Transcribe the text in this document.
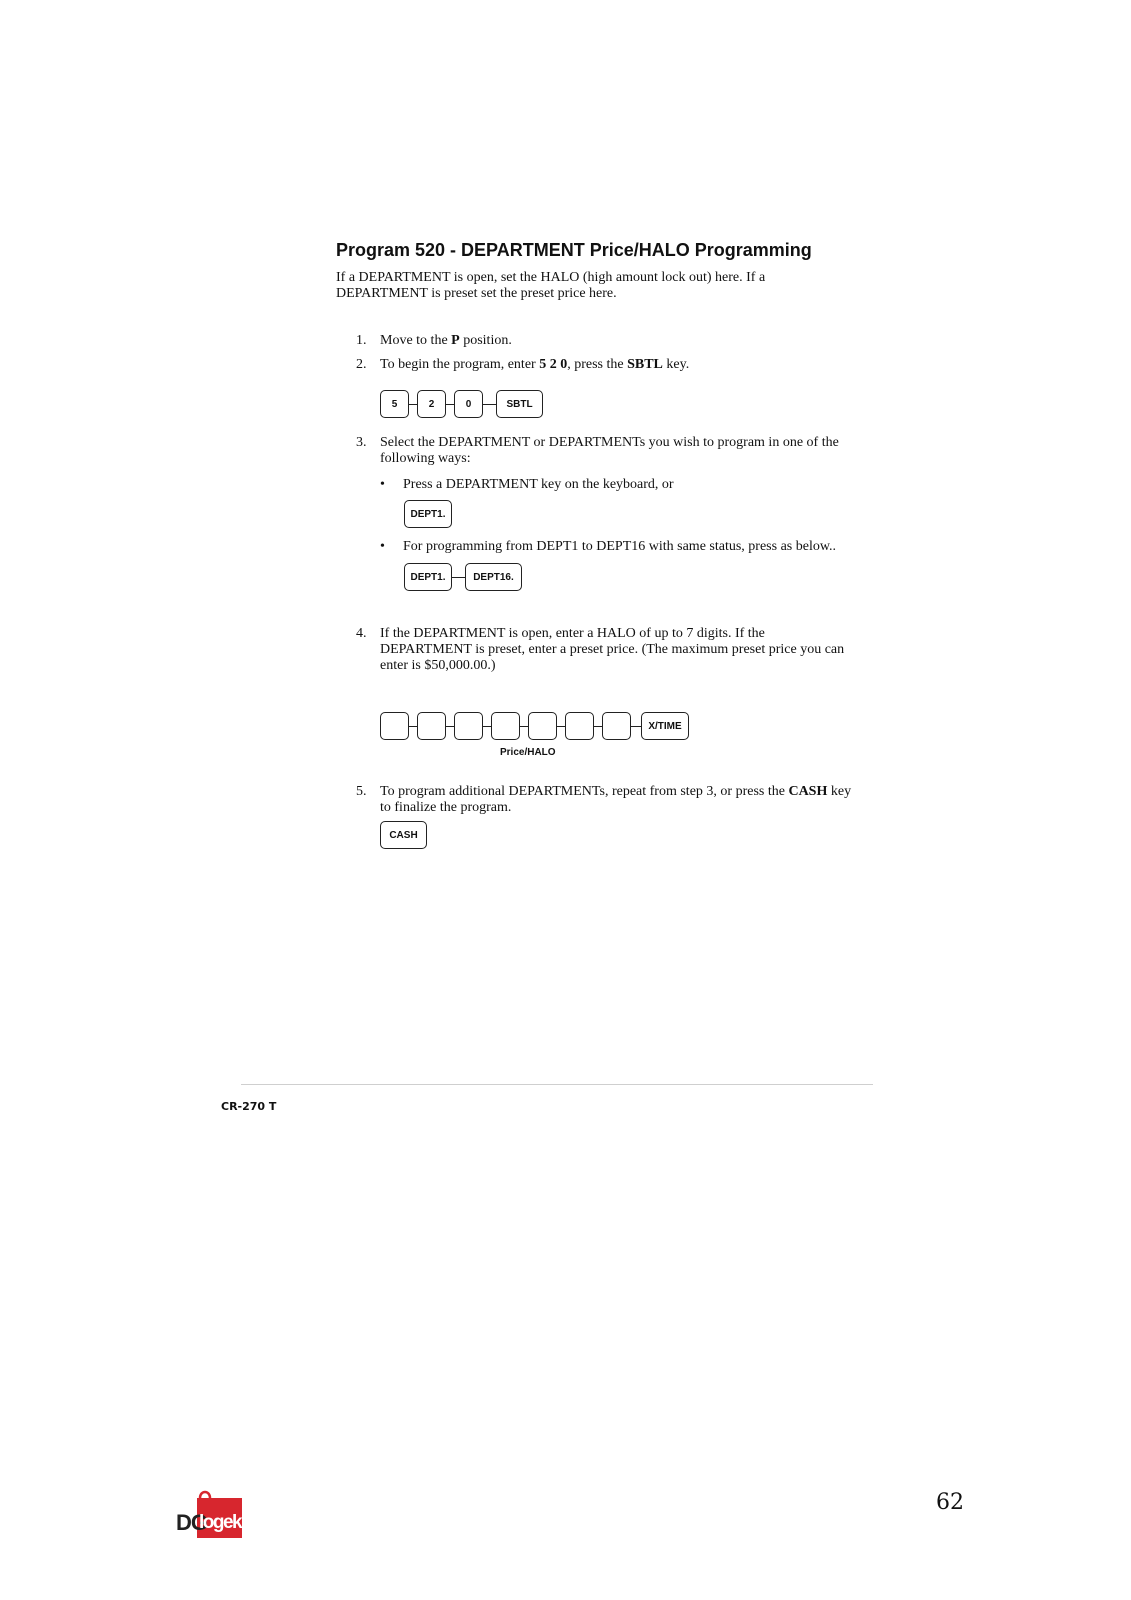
Program 520 - DEPARTMENT Price/HALO Programming
If a DEPARTMENT is open, set the HALO (high amount lock out) here. If a DEPARTMENT is preset set the preset price here.
1. Move to the P position.
2. To begin the program, enter 5 2 0, press the SBTL key.
5	2	0	SBTL
3. Select the DEPARTMENT or DEPARTMENTs you wish to program in one of the following ways:
• Press a DEPARTMENT key on the keyboard, or
DEPT1.
• For programming from DEPT1 to DEPT16 with same status, press as below..
DEPT1.	DEPT16.
4. If the DEPARTMENT is open, enter a HALO of up to 7 digits. If the DEPARTMENT is preset, enter a preset price. (The maximum preset price you can enter is $50,000.00.)
X/TIME
Price/HALO
5. To program additional DEPARTMENTs, repeat from step 3, or press the CASH key to finalize the program.
CASH
CR-270 T
DG
logek
62
